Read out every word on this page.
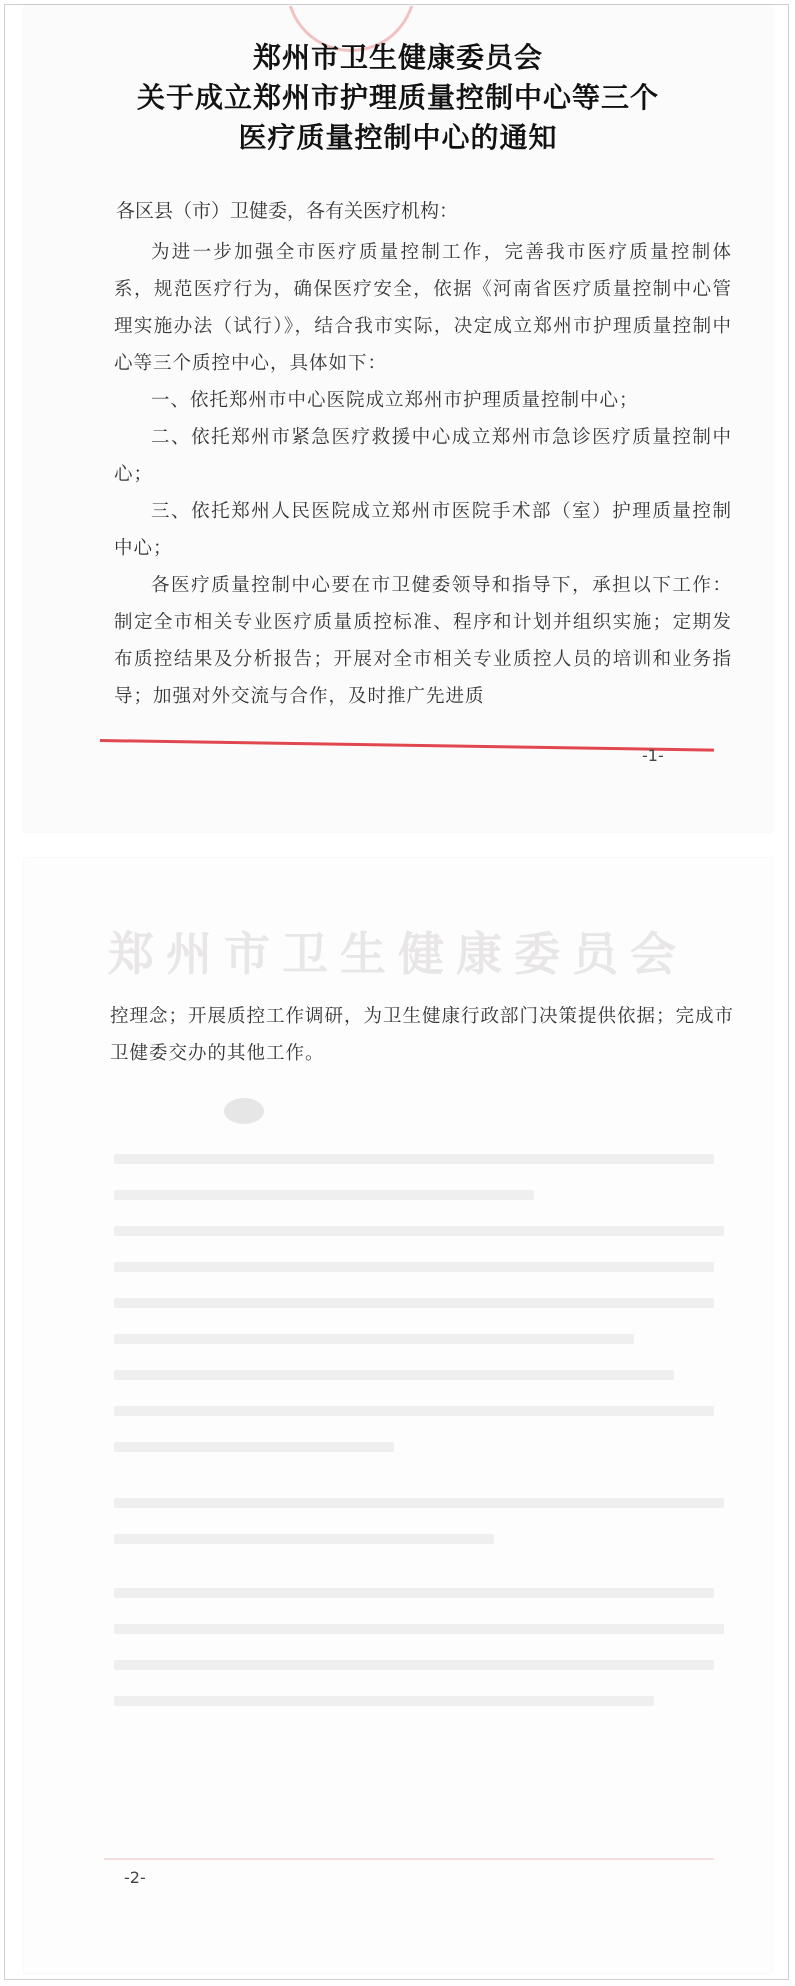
郑州市卫生健康委员会
关于成立郑州市护理质量控制中心等三个
医疗质量控制中心的通知
各区县（市）卫健委，各有关医疗机构：

为进一步加强全市医疗质量控制工作，完善我市医疗质量控制体系，规范医疗行为，确保医疗安全，依据《河南省医疗质量控制中心管理实施办法（试行）》，结合我市实际，决定成立郑州市护理质量控制中心等三个质控中心，具体如下：

一、依托郑州市中心医院成立郑州市护理质量控制中心；

二、依托郑州市紧急医疗救援中心成立郑州市急诊医疗质量控制中心；

三、依托郑州人民医院成立郑州市医院手术部（室）护理质量控制中心；

各医疗质量控制中心要在市卫健委领导和指导下，承担以下工作：制定全市相关专业医疗质量质控标准、程序和计划并组织实施；定期发布质控结果及分析报告；开展对全市相关专业质控人员的培训和业务指导；加强对外交流与合作，及时推广先进质

-1-
郑州市卫生健康委员会
控理念；开展质控工作调研，为卫生健康行政部门决策提供依据；完成市卫健委交办的其他工作。
-2-
